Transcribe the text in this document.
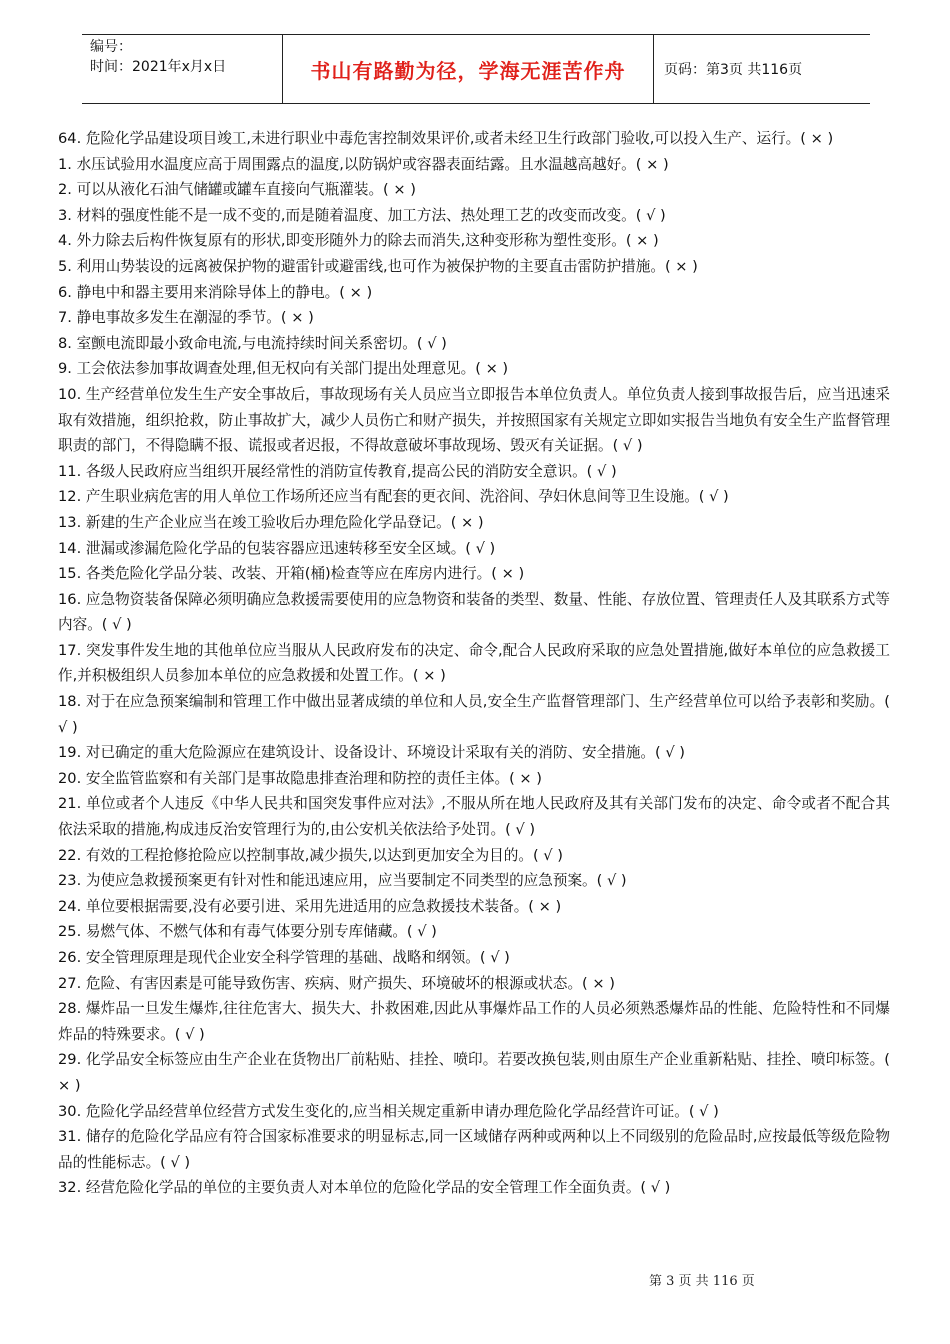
编号：
时间：2021年x月x日	书山有路勤为径，学海无涯苦作舟	页码：第3页 共116页

64. 危险化学品建设项目竣工,未进行职业中毒危害控制效果评价,或者未经卫生行政部门验收,可以投入生产、运行。( × )

1. 水压试验用水温度应高于周围露点的温度,以防锅炉或容器表面结露。且水温越高越好。( × )

2. 可以从液化石油气储罐或罐车直接向气瓶灌装。( × )

3. 材料的强度性能不是一成不变的,而是随着温度、加工方法、热处理工艺的改变而改变。( √ )

4. 外力除去后构件恢复原有的形状,即变形随外力的除去而消失,这种变形称为塑性变形。( × )

5. 利用山势装设的远离被保护物的避雷针或避雷线,也可作为被保护物的主要直击雷防护措施。( × )

6. 静电中和器主要用来消除导体上的静电。( × )

7. 静电事故多发生在潮湿的季节。( × )

8. 室颤电流即最小致命电流,与电流持续时间关系密切。( √ )

9. 工会依法参加事故调查处理,但无权向有关部门提出处理意见。( × )

10. 生产经营单位发生生产安全事故后，事故现场有关人员应当立即报告本单位负责人。单位负责人接到事故报告后，应当迅速采取有效措施，组织抢救，防止事故扩大，减少人员伤亡和财产损失，并按照国家有关规定立即如实报告当地负有安全生产监督管理职责的部门，不得隐瞒不报、谎报或者迟报，不得故意破坏事故现场、毁灭有关证据。( √ )

11. 各级人民政府应当组织开展经常性的消防宣传教育,提高公民的消防安全意识。( √ )

12. 产生职业病危害的用人单位工作场所还应当有配套的更衣间、洗浴间、孕妇休息间等卫生设施。( √ )

13. 新建的生产企业应当在竣工验收后办理危险化学品登记。( × )

14. 泄漏或渗漏危险化学品的包装容器应迅速转移至安全区域。( √ )

15. 各类危险化学品分装、改装、开箱(桶)检查等应在库房内进行。( × )

16. 应急物资装备保障必须明确应急救援需要使用的应急物资和装备的类型、数量、性能、存放位置、管理责任人及其联系方式等内容。( √ )

17. 突发事件发生地的其他单位应当服从人民政府发布的决定、命令,配合人民政府采取的应急处置措施,做好本单位的应急救援工作,并积极组织人员参加本单位的应急救援和处置工作。( × )

18. 对于在应急预案编制和管理工作中做出显著成绩的单位和人员,安全生产监督管理部门、生产经营单位可以给予表彰和奖励。( √ )

19. 对已确定的重大危险源应在建筑设计、设备设计、环境设计采取有关的消防、安全措施。( √ )

20. 安全监管监察和有关部门是事故隐患排查治理和防控的责任主体。( × )

21. 单位或者个人违反《中华人民共和国突发事件应对法》,不服从所在地人民政府及其有关部门发布的决定、命令或者不配合其依法采取的措施,构成违反治安管理行为的,由公安机关依法给予处罚。( √ )

22. 有效的工程抢修抢险应以控制事故,减少损失,以达到更加安全为目的。( √ )

23. 为使应急救援预案更有针对性和能迅速应用，应当要制定不同类型的应急预案。( √ )

24. 单位要根据需要,没有必要引进、采用先进适用的应急救援技术装备。( × )

25. 易燃气体、不燃气体和有毒气体要分别专库储藏。( √ )

26. 安全管理原理是现代企业安全科学管理的基础、战略和纲领。( √ )

27. 危险、有害因素是可能导致伤害、疾病、财产损失、环境破坏的根源或状态。( × )

28. 爆炸品一旦发生爆炸,往往危害大、损失大、扑救困难,因此从事爆炸品工作的人员必须熟悉爆炸品的性能、危险特性和不同爆炸品的特殊要求。( √ )

29. 化学品安全标签应由生产企业在货物出厂前粘贴、挂拴、喷印。若要改换包装,则由原生产企业重新粘贴、挂拴、喷印标签。( × )

30. 危险化学品经营单位经营方式发生变化的,应当相关规定重新申请办理危险化学品经营许可证。( √ )

31. 储存的危险化学品应有符合国家标准要求的明显标志,同一区域储存两种或两种以上不同级别的危险品时,应按最低等级危险物品的性能标志。( √ )

32. 经营危险化学品的单位的主要负责人对本单位的危险化学品的安全管理工作全面负责。( √ )

第 3 页 共 116 页
